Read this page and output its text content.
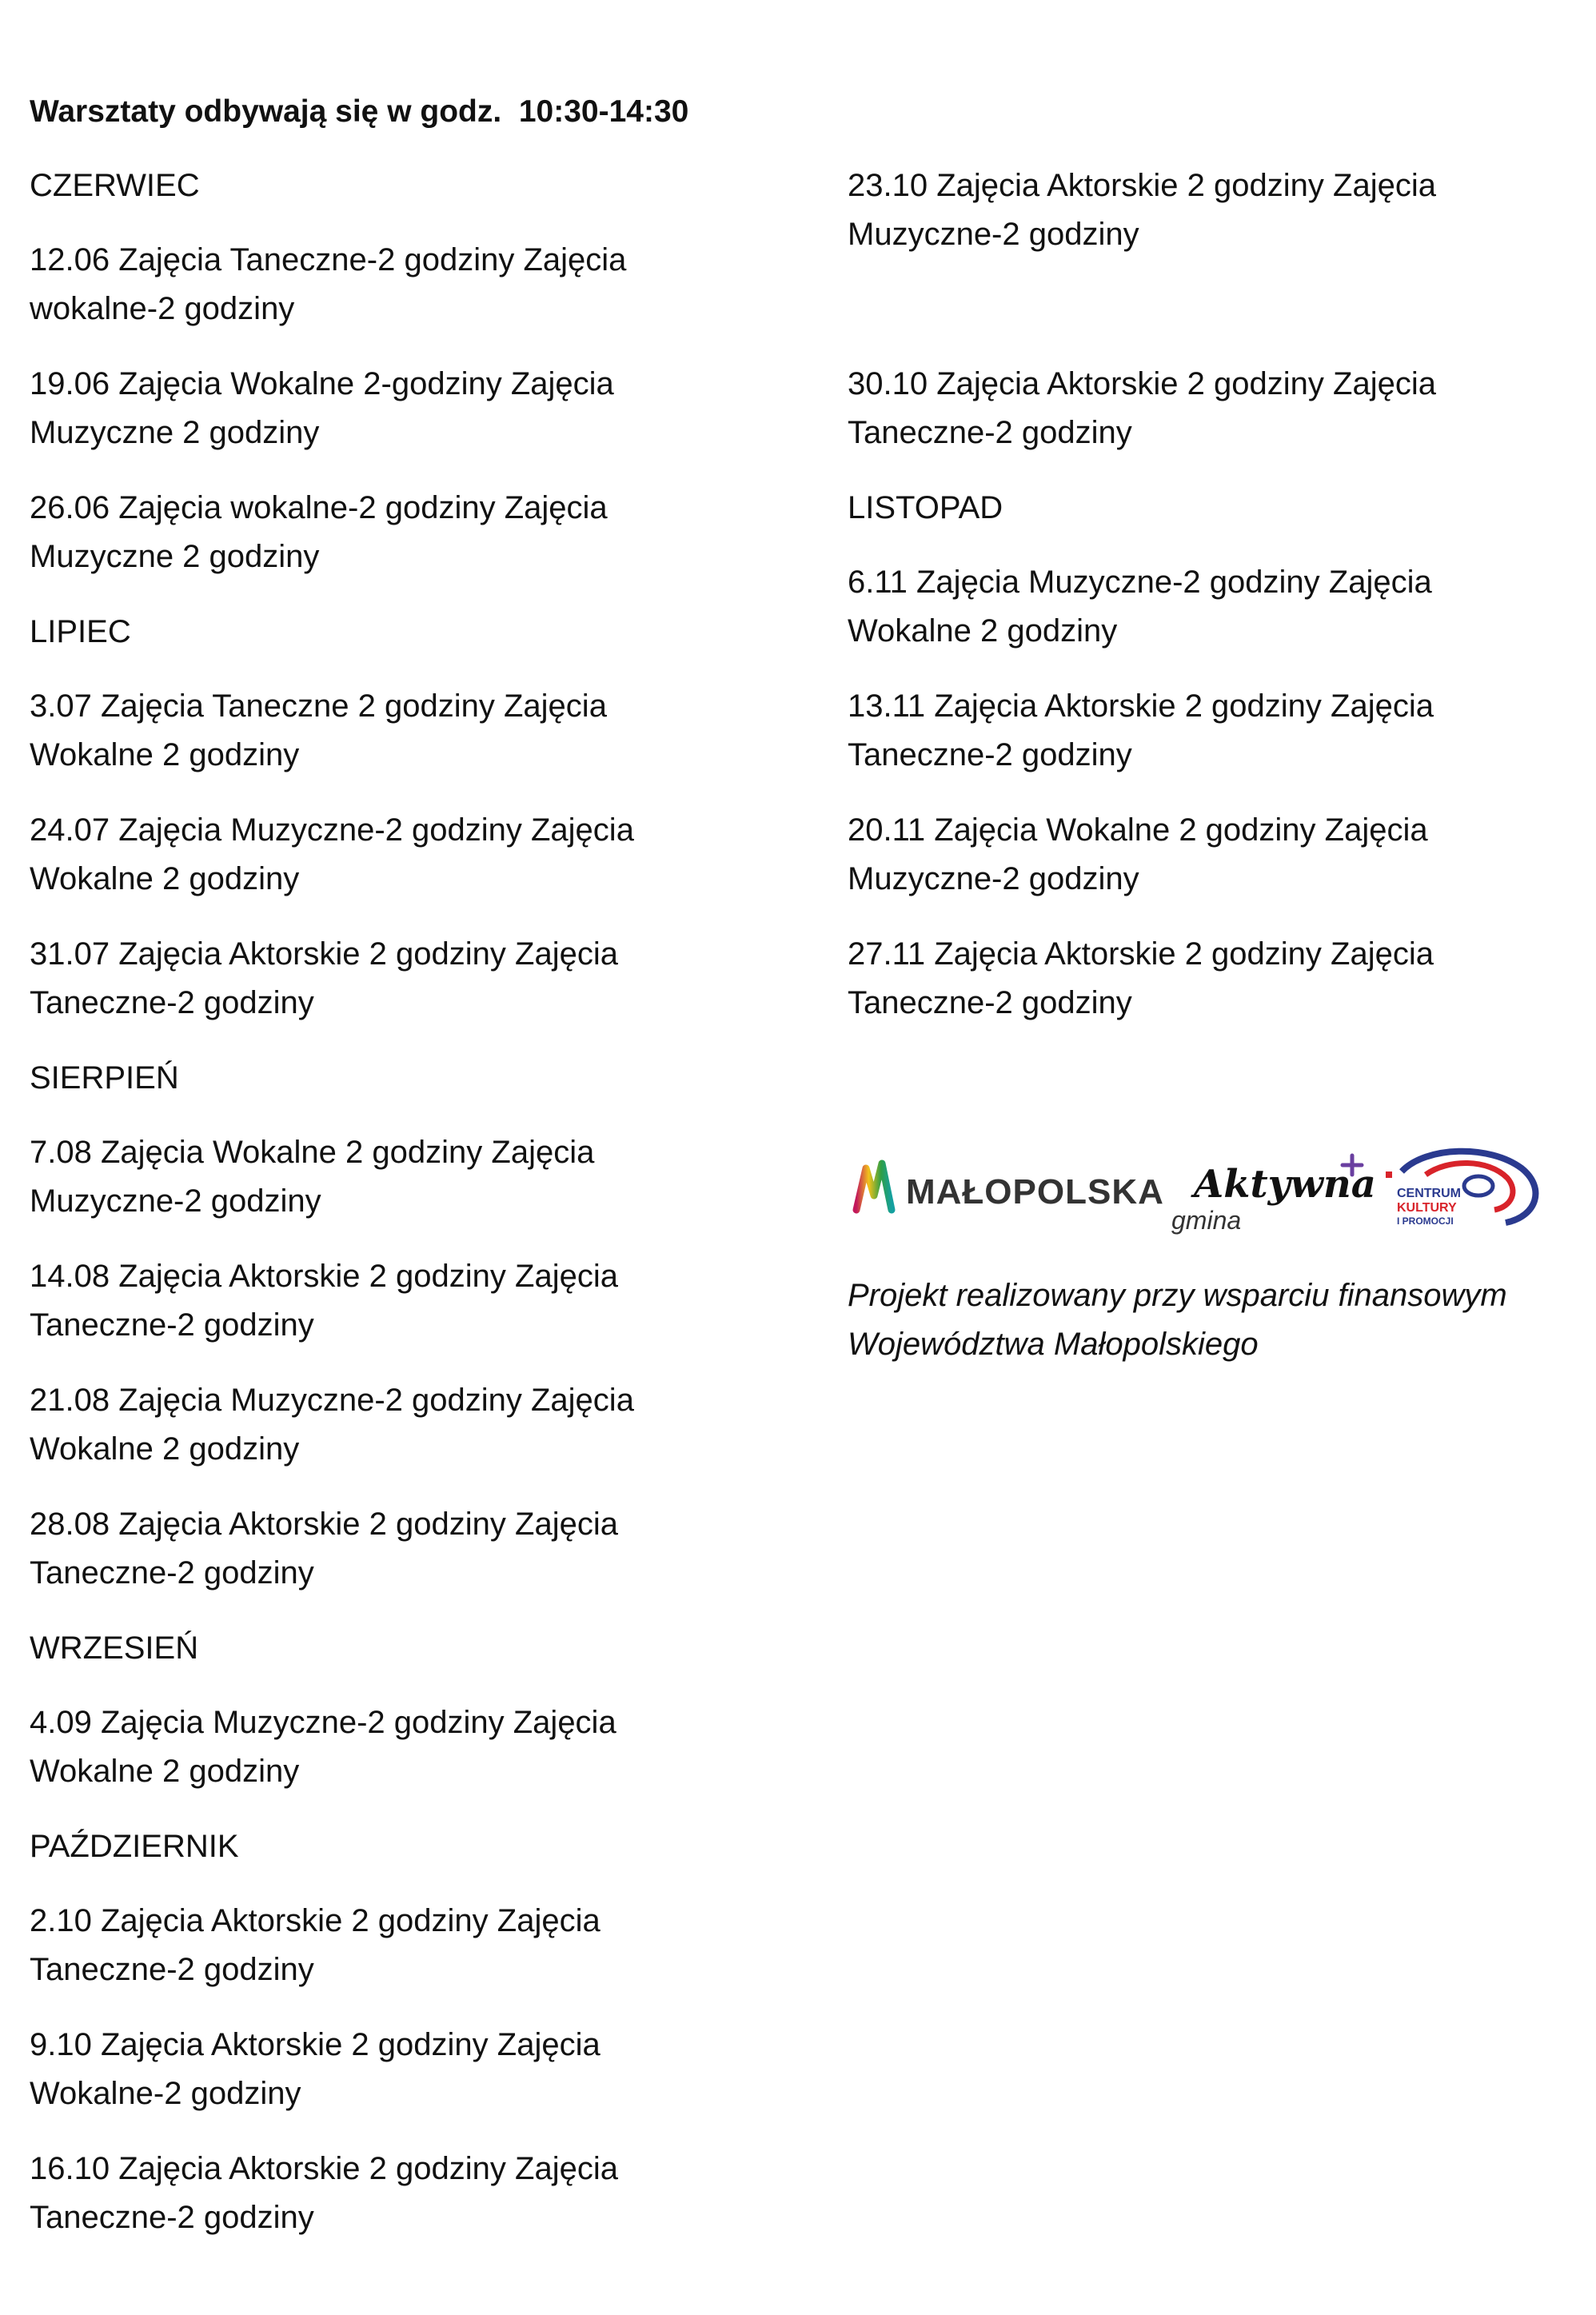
Warsztaty odbywają się w godz.  10:30-14:30
CZERWIEC
12.06 Zajęcia Taneczne-2 godziny Zajęcia wokalne-2 godziny
19.06 Zajęcia Wokalne 2-godziny Zajęcia Muzyczne 2 godziny
26.06 Zajęcia wokalne-2 godziny Zajęcia Muzyczne 2 godziny
LIPIEC
3.07 Zajęcia Taneczne 2 godziny Zajęcia Wokalne 2 godziny
24.07 Zajęcia Muzyczne-2 godziny Zajęcia Wokalne 2 godziny
31.07 Zajęcia Aktorskie 2 godziny Zajęcia Taneczne-2 godziny
SIERPIEŃ
7.08 Zajęcia Wokalne 2 godziny Zajęcia Muzyczne-2 godziny
14.08 Zajęcia Aktorskie 2 godziny Zajęcia Taneczne-2 godziny
21.08 Zajęcia Muzyczne-2 godziny Zajęcia Wokalne 2 godziny
28.08 Zajęcia Aktorskie 2 godziny Zajęcia Taneczne-2 godziny
WRZESIEŃ
4.09 Zajęcia Muzyczne-2 godziny Zajęcia Wokalne 2 godziny
PAŹDZIERNIK
2.10 Zajęcia Aktorskie 2 godziny Zajęcia Taneczne-2 godziny
9.10 Zajęcia Aktorskie 2 godziny Zajęcia Wokalne-2 godziny
16.10 Zajęcia Aktorskie 2 godziny Zajęcia Taneczne-2 godziny
23.10 Zajęcia Aktorskie 2 godziny Zajęcia Muzyczne-2 godziny
30.10 Zajęcia Aktorskie 2 godziny Zajęcia Taneczne-2 godziny
LISTOPAD
6.11 Zajęcia Muzyczne-2 godziny Zajęcia Wokalne 2 godziny
13.11 Zajęcia Aktorskie 2 godziny Zajęcia Taneczne-2 godziny
20.11 Zajęcia Wokalne 2 godziny Zajęcia Muzyczne-2 godziny
27.11 Zajęcia Aktorskie 2 godziny Zajęcia Taneczne-2 godziny
MAŁOPOLSKA Aktywna
gmina
CENTRUM
KULTURY
I PROMOCJI
Projekt realizowany przy wsparciu finansowym Województwa Małopolskiego
